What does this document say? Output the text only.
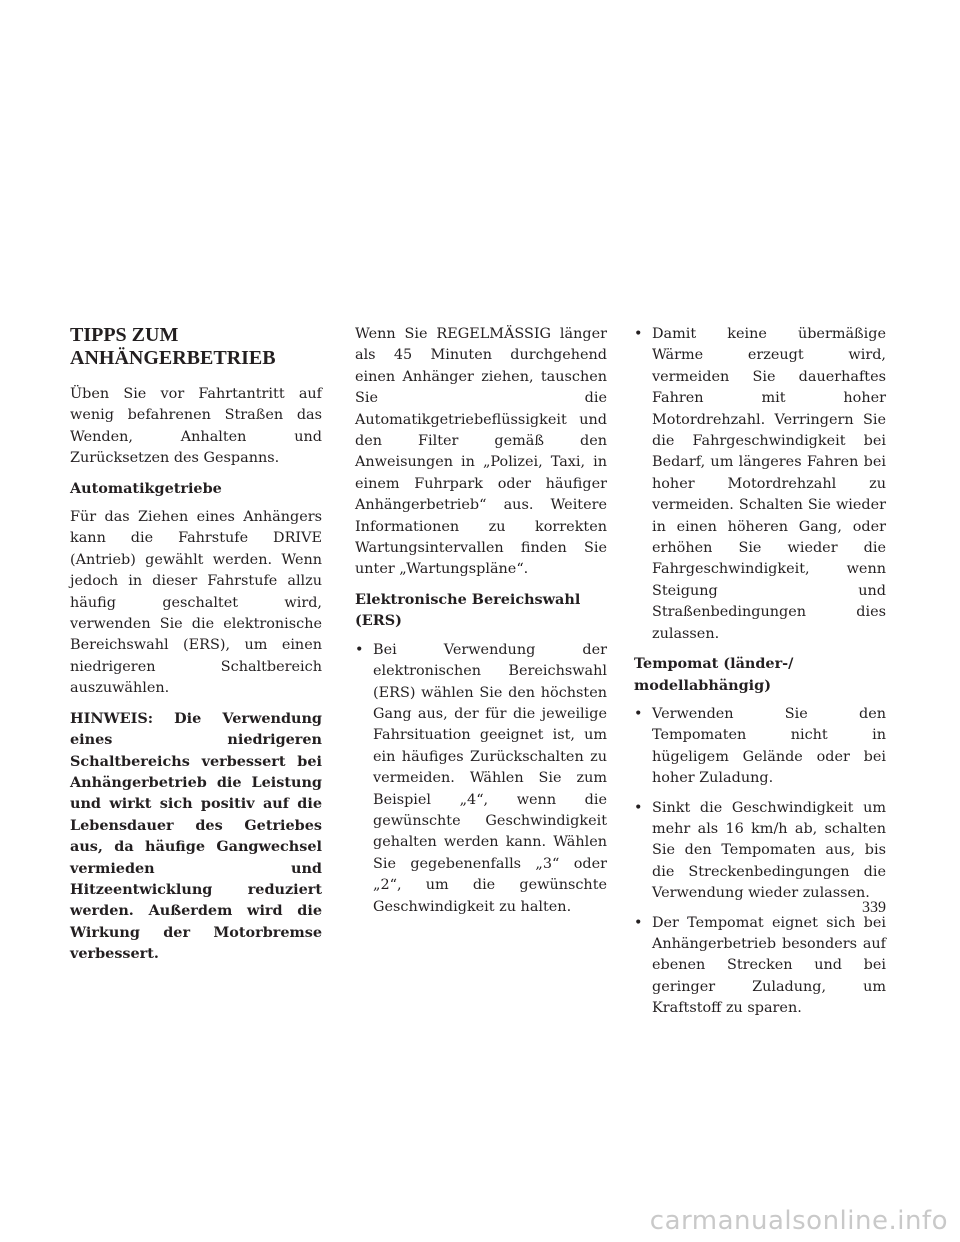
TIPPS ZUM ANHÄNGERBETRIEB

Üben Sie vor Fahrtantritt auf wenig befahrenen Straßen das Wenden, Anhalten und Zurücksetzen des Gespanns.

Automatikgetriebe

Für das Ziehen eines Anhängers kann die Fahrstufe DRIVE (Antrieb) gewählt werden. Wenn jedoch in dieser Fahrstufe allzu häufig geschaltet wird, verwenden Sie die elektronische Bereichswahl (ERS), um einen niedrigeren Schaltbereich auszuwählen.

HINWEIS: Die Verwendung eines niedrigeren Schaltbereichs verbessert bei Anhängerbetrieb die Leistung und wirkt sich positiv auf die Lebensdauer des Getriebes aus, da häufige Gangwechsel vermieden und Hitzeentwicklung reduziert werden. Außerdem wird die Wirkung der Motorbremse verbessert.

Wenn Sie REGELMÄSSIG länger als 45 Minuten durchgehend einen Anhänger ziehen, tauschen Sie die Automatikgetriebeflüssigkeit und den Filter gemäß den Anweisungen in „Polizei, Taxi, in einem Fuhrpark oder häufiger Anhängerbetrieb“ aus. Weitere Informationen zu korrekten Wartungsintervallen finden Sie unter „Wartungspläne“.

Elektronische Bereichswahl (ERS)

• Bei Verwendung der elektronischen Bereichswahl (ERS) wählen Sie den höchsten Gang aus, der für die jeweilige Fahrsituation geeignet ist, um ein häufiges Zurückschalten zu vermeiden. Wählen Sie zum Beispiel „4“, wenn die gewünschte Geschwindigkeit gehalten werden kann. Wählen Sie gegebenenfalls „3“ oder „2“, um die gewünschte Geschwindigkeit zu halten.

• Damit keine übermäßige Wärme erzeugt wird, vermeiden Sie dauerhaftes Fahren mit hoher Motordrehzahl. Verringern Sie die Fahrgeschwindigkeit bei Bedarf, um längeres Fahren bei hoher Motordrehzahl zu vermeiden. Schalten Sie wieder in einen höheren Gang, oder erhöhen Sie wieder die Fahrgeschwindigkeit, wenn Steigung und Straßenbedingungen dies zulassen.

Tempomat (länder-/ modellabhängig)

• Verwenden Sie den Tempomaten nicht in hügeligem Gelände oder bei hoher Zuladung.

• Sinkt die Geschwindigkeit um mehr als 16 km/h ab, schalten Sie den Tempomaten aus, bis die Streckenbedingungen die Verwendung wieder zulassen.

• Der Tempomat eignet sich bei Anhängerbetrieb besonders auf ebenen Strecken und bei geringer Zuladung, um Kraftstoff zu sparen.

339
carmanualsonline.info
